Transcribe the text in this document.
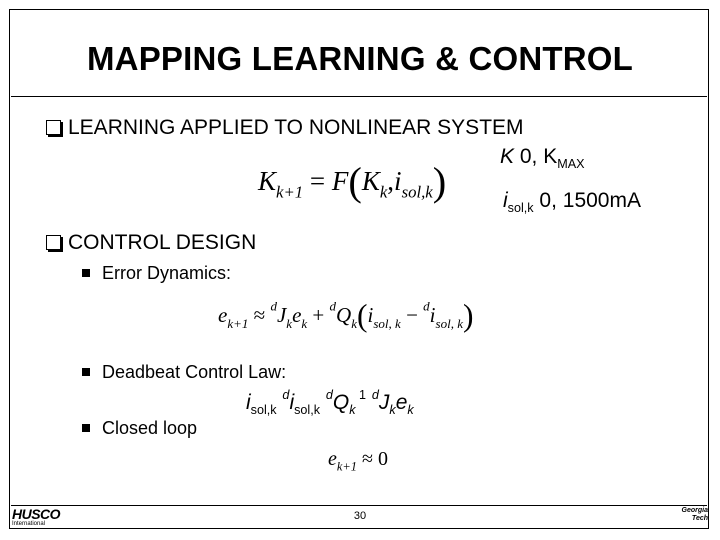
MAPPING LEARNING & CONTROL
LEARNING APPLIED TO NONLINEAR SYSTEM
$K_{k+1} = F(K_k,i_{sol,k})$
K 0, $K_{MAX}$
$i_{sol,k}$ 0, 1500mA
CONTROL DESIGN
Error Dynamics:
$e_{k+1} \approx ^dJ_ke_k + ^dQ_k(i_{sol, k} - ^di_{sol, k})$
Deadbeat Control Law:
$i_{sol,k}$ $^di_{sol,k}$ $^dQ_k$ $^1$ $^dJ_ke_k$
Closed loop
$e_{k+1} \approx 0$
HUSCO
International
30	Georgia
Tech
